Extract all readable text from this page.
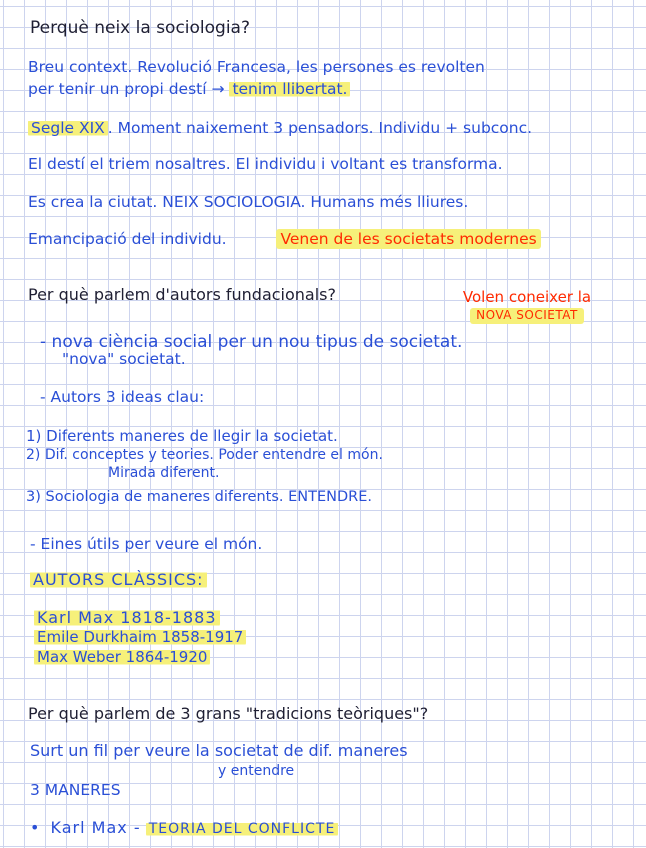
Perquè neix la sociologia?
Breu context. Revolució Francesa, les persones es revolten
per tenir un propi destí → tenim llibertat.
Segle XIX . Moment naixement 3 pensadors. Individu + subconc.
El destí el triem nosaltres. El individu i voltant es transforma.
Es crea la ciutat. NEIX SOCIOLOGIA. Humans més lliures.
Emancipació del individu.	Venen de les societats modernes
Per què parlem d'autors fundacionals?	Volen coneixer la
NOVA SOCIETAT
- nova ciència social per un nou tipus de societat.
"nova" societat.
- Autors 3 ideas clau:
1) Diferents maneres de llegir la societat.
2) Dif. conceptes y teories. Poder entendre el món.
Mirada diferent.
3) Sociologia de maneres diferents. ENTENDRE.
- Eines útils per veure el món.
AUTORS CLÀSSICS:
Karl Max 1818-1883
Emile Durkhaim 1858-1917
Max Weber 1864-1920
Per què parlem de 3 grans "tradicions teòriques"?
Surt un fil per veure la societat de dif. maneres
y entendre
3 MANERES
• Karl Max - TEORIA DEL CONFLICTE
